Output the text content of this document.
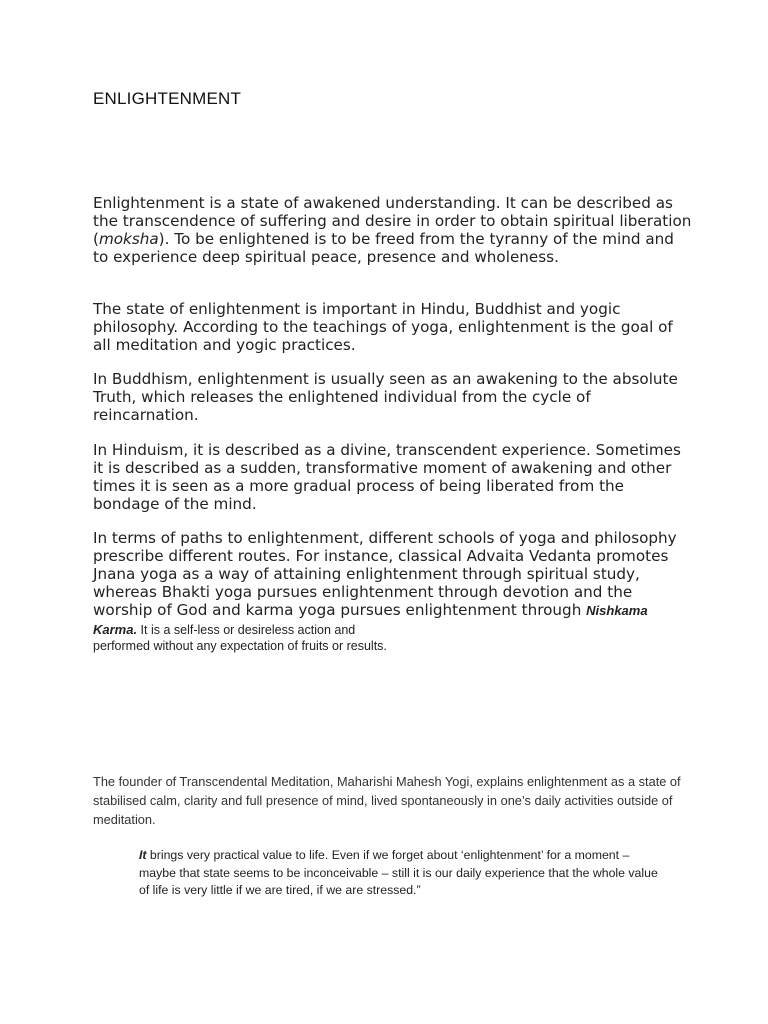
ENLIGHTENMENT

Enlightenment is a state of awakened understanding. It can be described as the transcendence of suffering and desire in order to obtain spiritual liberation (moksha). To be enlightened is to be freed from the tyranny of the mind and to experience deep spiritual peace, presence and wholeness.

The state of enlightenment is important in Hindu, Buddhist and yogic philosophy. According to the teachings of yoga, enlightenment is the goal of all meditation and yogic practices.

In Buddhism, enlightenment is usually seen as an awakening to the absolute Truth, which releases the enlightened individual from the cycle of reincarnation.

In Hinduism, it is described as a divine, transcendent experience. Sometimes it is described as a sudden, transformative moment of awakening and other times it is seen as a more gradual process of being liberated from the bondage of the mind.

In terms of paths to enlightenment, different schools of yoga and philosophy prescribe different routes. For instance, classical Advaita Vedanta promotes Jnana yoga as a way of attaining enlightenment through spiritual study, whereas Bhakti yoga pursues enlightenment through devotion and the worship of God and karma yoga pursues enlightenment through Nishkama Karma. It is a self-less or desireless action and
performed without any expectation of fruits or results.

The founder of Transcendental Meditation, Maharishi Mahesh Yogi, explains enlightenment as a state of stabilised calm, clarity and full presence of mind, lived spontaneously in one’s daily activities outside of meditation.

It brings very practical value to life. Even if we forget about ‘enlightenment’ for a moment – maybe that state seems to be inconceivable – still it is our daily experience that the whole value of life is very little if we are tired, if we are stressed.”
